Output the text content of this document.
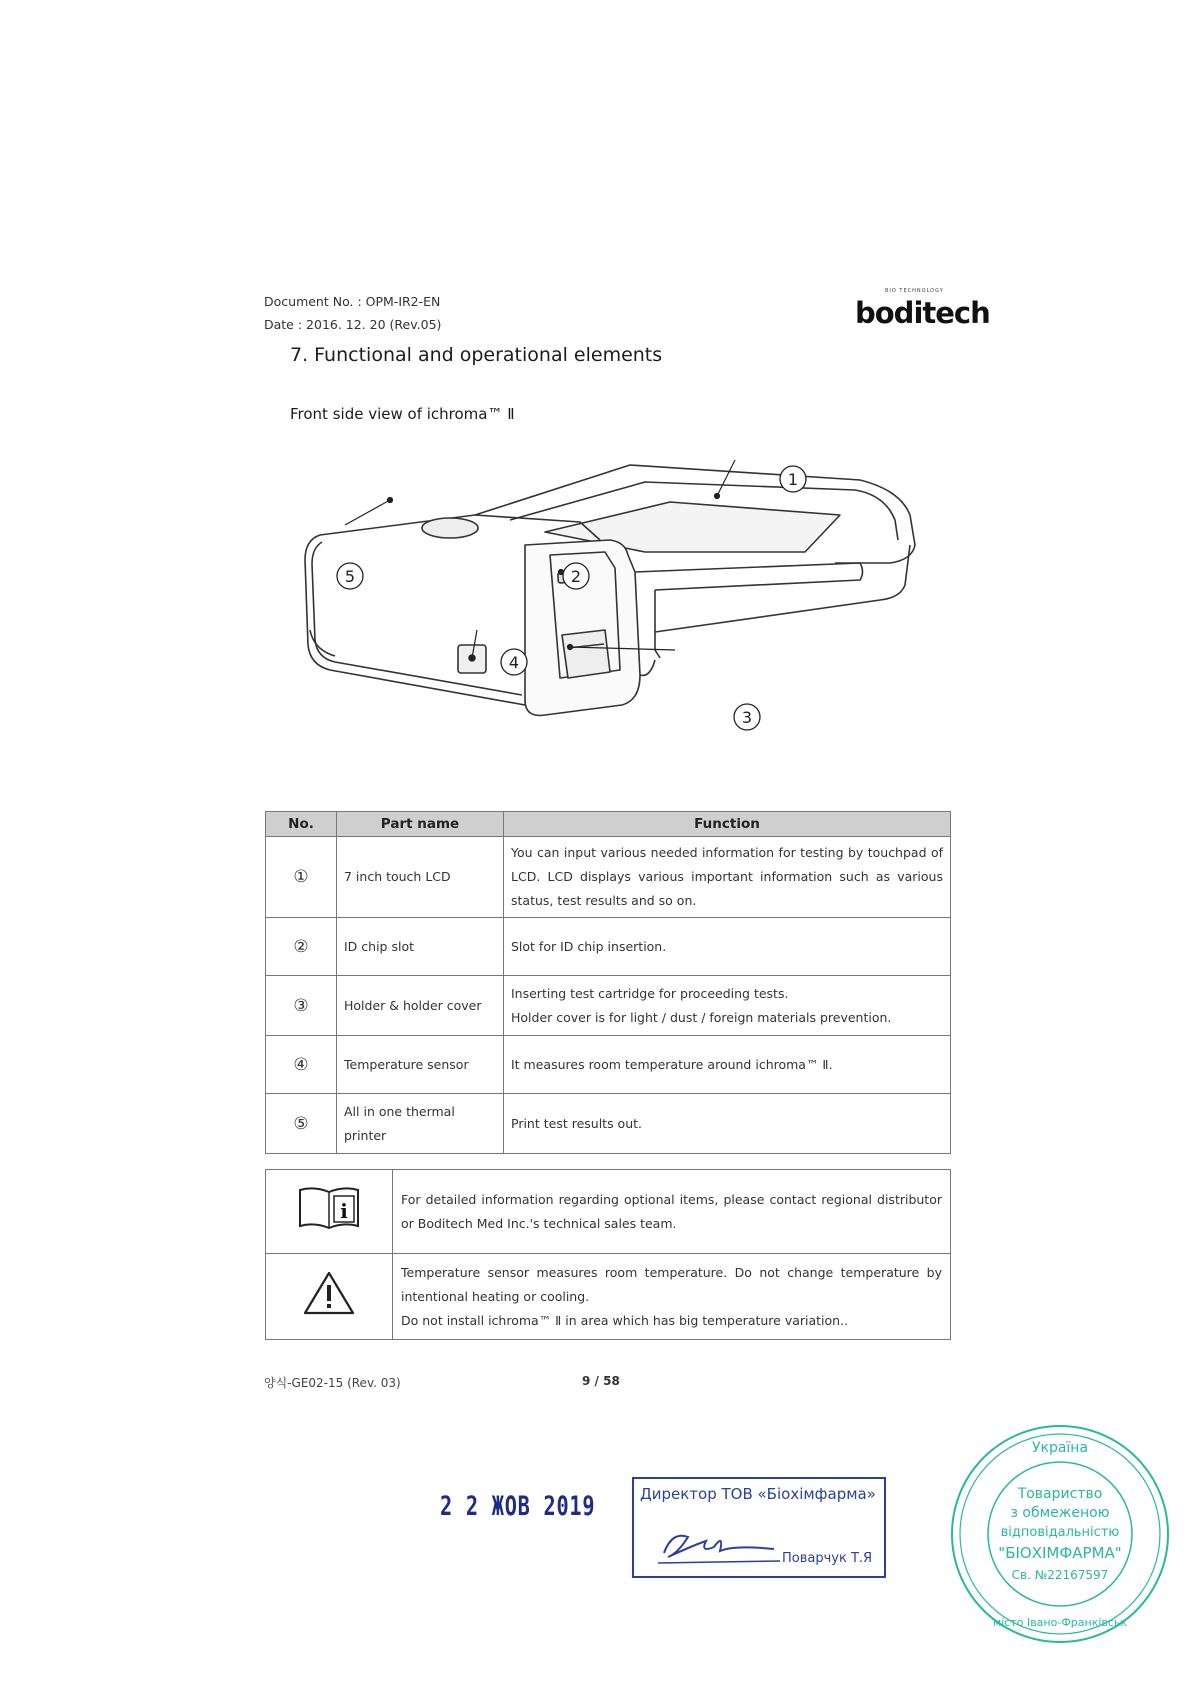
Document No. : OPM-IR2-EN
Date : 2016. 12. 20 (Rev.05)
BIO TECHNOLOGY
boditech
7. Functional and operational elements
Front side view of ichroma™ Ⅱ
1
2
3
4
5
No.	Part name	Function
①	7 inch touch LCD	You can input various needed information for testing by touchpad of LCD. LCD displays various important information such as various status, test results and so on.
②	ID chip slot	Slot for ID chip insertion.
③	Holder & holder cover	Inserting test cartridge for proceeding tests.
Holder cover is for light / dust / foreign materials prevention.
④	Temperature sensor	It measures room temperature around ichroma™ Ⅱ.
⑤	All in one thermal printer	Print test results out.
i	For detailed information regarding optional items, please contact regional distributor or Boditech Med Inc.'s technical sales team.

Temperature sensor measures room temperature. Do not change temperature by intentional heating or cooling.
Do not install ichroma™ Ⅱ in area which has big temperature variation..
양식-GE02-15 (Rev. 03)	9 / 58
2 2 ЖОВ 2019	Директор ТОВ «Біохімфарма»
Поварчук Т.Я
Україна
Товариство
з обмеженою
відповідальністю
"БІОХІМФАРМА"
Св. №22167597
місто Івано-Франківськ
